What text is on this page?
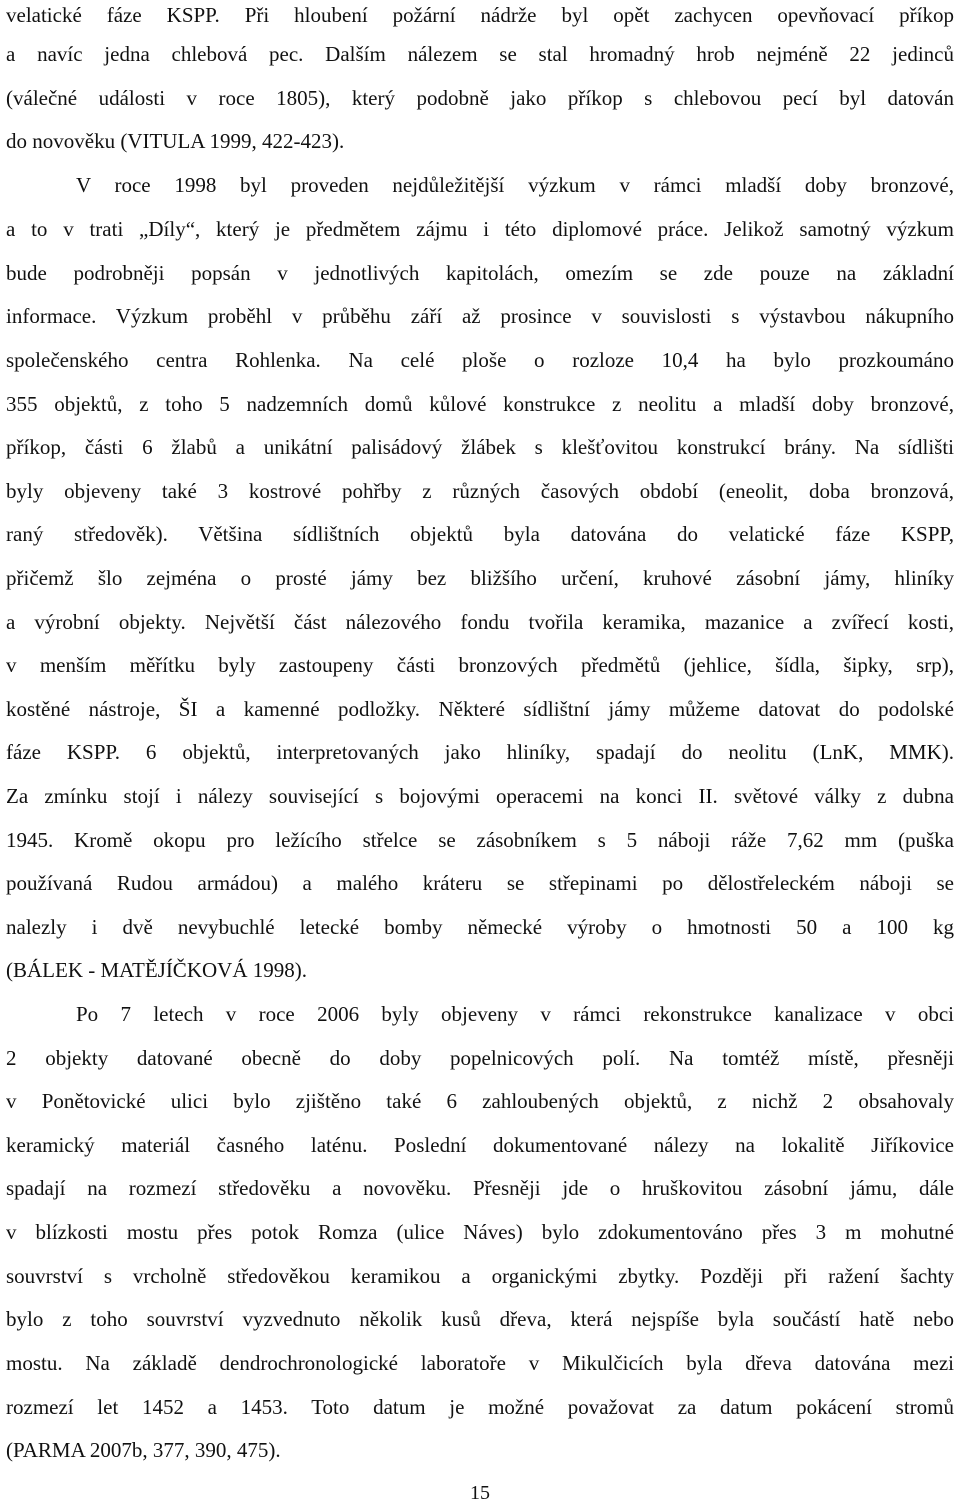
velatické fáze KSPP. Při hloubení požární nádrže byl opět zachycen opevňovací příkop
a navíc jedna chlebová pec. Dalším nálezem se stal hromadný hrob nejméně 22 jedinců
(válečné události v roce 1805), který podobně jako příkop s chlebovou pecí byl datován
do novověku (VITULA 1999, 422-423).
V roce 1998 byl proveden nejdůležitější výzkum v rámci mladší doby bronzové,
a to v trati „Díly“, který je předmětem zájmu i této diplomové práce. Jelikož samotný výzkum
bude podrobněji popsán v jednotlivých kapitolách, omezím se zde pouze na základní
informace. Výzkum proběhl v průběhu září až prosince v souvislosti s výstavbou nákupního
společenského centra Rohlenka. Na celé ploše o rozloze 10,4 ha bylo prozkoumáno
355 objektů, z toho 5 nadzemních domů kůlové konstrukce z neolitu a mladší doby bronzové,
příkop, části 6 žlabů a unikátní palisádový žlábek s klešťovitou konstrukcí brány. Na sídlišti
byly objeveny také 3 kostrové pohřby z různých časových období (eneolit, doba bronzová,
raný středověk). Většina sídlištních objektů byla datována do velatické fáze KSPP,
přičemž šlo zejména o prosté jámy bez bližšího určení, kruhové zásobní jámy, hliníky
a výrobní objekty. Největší část nálezového fondu tvořila keramika, mazanice a zvířecí kosti,
v menším měřítku byly zastoupeny části bronzových předmětů (jehlice, šídla, šipky, srp),
kostěné nástroje, ŠI a kamenné podložky. Některé sídlištní jámy můžeme datovat do podolské
fáze KSPP. 6 objektů, interpretovaných jako hliníky, spadají do neolitu (LnK, MMK).
Za zmínku stojí i nálezy související s bojovými operacemi na konci II. světové války z dubna
1945. Kromě okopu pro ležícího střelce se zásobníkem s 5 náboji ráže 7,62 mm (puška
používaná Rudou armádou) a malého kráteru se střepinami po dělostřeleckém náboji se
nalezly i dvě nevybuchlé letecké bomby německé výroby o hmotnosti 50 a 100 kg
(BÁLEK - MATĚJÍČKOVÁ 1998).
Po 7 letech v roce 2006 byly objeveny v rámci rekonstrukce kanalizace v obci
2 objekty datované obecně do doby popelnicových polí. Na tomtéž místě, přesněji
v Ponětovické ulici bylo zjištěno také 6 zahloubených objektů, z nichž 2 obsahovaly
keramický materiál časného laténu. Poslední dokumentované nálezy na lokalitě Jiříkovice
spadají na rozmezí středověku a novověku. Přesněji jde o hruškovitou zásobní jámu, dále
v blízkosti mostu přes potok Romza (ulice Náves) bylo zdokumentováno přes 3 m mohutné
souvrství s vrcholně středověkou keramikou a organickými zbytky. Později při ražení šachty
bylo z toho souvrství vyzvednuto několik kusů dřeva, která nejspíše byla součástí hatě nebo
mostu. Na základě dendrochronologické laboratoře v Mikulčicích byla dřeva datována mezi
rozmezí let 1452 a 1453. Toto datum je možné považovat za datum pokácení stromů
(PARMA 2007b, 377, 390, 475).
15
